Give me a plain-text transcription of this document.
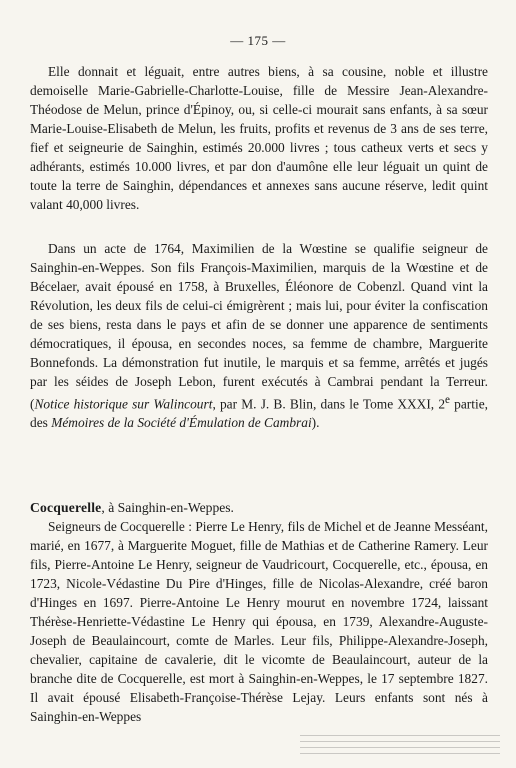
— 175 —

Elle donnait et léguait, entre autres biens, à sa cousine, noble et illustre demoiselle Marie-Gabrielle-Charlotte-Louise, fille de Messire Jean-Alexandre-Théodose de Melun, prince d'Épinoy, ou, si celle-ci mourait sans enfants, à sa sœur Marie-Louise-Elisabeth de Melun, les fruits, profits et revenus de 3 ans de ses terre, fief et seigneurie de Sainghin, estimés 20.000 livres ; tous catheux verts et secs y adhérants, estimés 10.000 livres, et par don d'aumône elle leur léguait un quint de toute la terre de Sainghin, dépendances et annexes sans aucune réserve, ledit quint valant 40,000 livres.

Dans un acte de 1764, Maximilien de la Wœstine se qualifie seigneur de Sainghin-en-Weppes. Son fils François-Maximilien, marquis de la Wœstine et de Bécelaer, avait épousé en 1758, à Bruxelles, Éléonore de Cobenzl. Quand vint la Révolution, les deux fils de celui-ci émigrèrent ; mais lui, pour éviter la confiscation de ses biens, resta dans le pays et afin de se donner une apparence de sentiments démocratiques, il épousa, en secondes noces, sa femme de chambre, Marguerite Bonnefonds. La démonstration fut inutile, le marquis et sa femme, arrêtés et jugés par les séides de Joseph Lebon, furent exécutés à Cambrai pendant la Terreur. (Notice historique sur Walincourt, par M. J. B. Blin, dans le Tome XXXI, 2e partie, des Mémoires de la Société d'Émulation de Cambrai).

Cocquerelle, à Sainghin-en-Weppes.

Seigneurs de Cocquerelle : Pierre Le Henry, fils de Michel et de Jeanne Messéant, marié, en 1677, à Marguerite Moguet, fille de Mathias et de Catherine Ramery. Leur fils, Pierre-Antoine Le Henry, seigneur de Vaudricourt, Cocquerelle, etc., épousa, en 1723, Nicole-Védastine Du Pire d'Hinges, fille de Nicolas-Alexandre, créé baron d'Hinges en 1697. Pierre-Antoine Le Henry mourut en novembre 1724, laissant Thérèse-Henriette-Védastine Le Henry qui épousa, en 1739, Alexandre-Auguste-Joseph de Beaulaincourt, comte de Marles. Leur fils, Philippe-Alexandre-Joseph, chevalier, capitaine de cavalerie, dit le vicomte de Beaulaincourt, auteur de la branche dite de Cocquerelle, est mort à Sainghin-en-Weppes, le 17 septembre 1827. Il avait épousé Elisabeth-Françoise-Thérèse Lejay. Leurs enfants sont nés à Sainghin-en-Weppes
